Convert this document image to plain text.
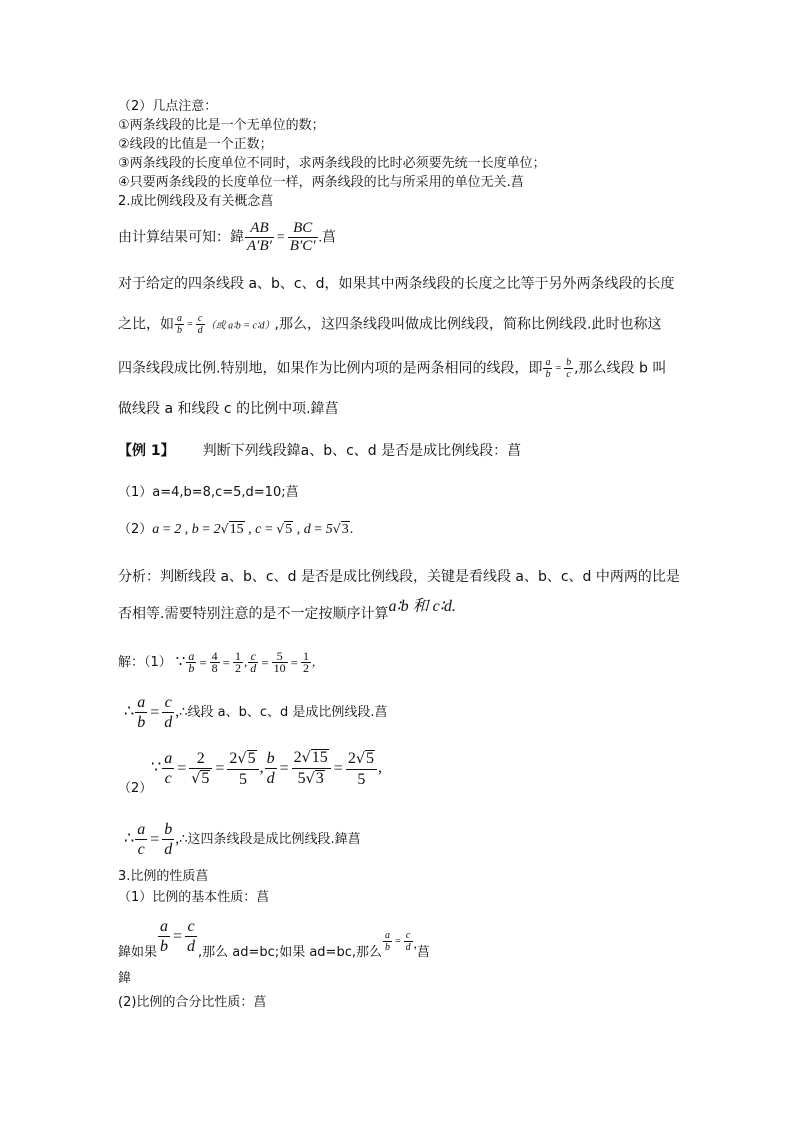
（2）几点注意：
①两条线段的比是一个无单位的数；
②线段的比值是一个正数；
③两条线段的长度单位不同时，求两条线段的比时必须要先统一长度单位；
④只要两条线段的长度单位一样，两条线段的比与所采用的单位无关.菖
2.成比例线段及有关概念菖
由计算结果可知：鍏 $\frac{AB}{A'B'} = \frac{BC}{B'C'}$ .菖
对于给定的四条线段 a、b、c、d，如果其中两条线段的长度之比等于另外两条线段的长度
之比，如 $\frac{a}{b} = \frac{c}{d}$ （或 a∶b = c∶d）,那么，这四条线段叫做成比例线段，简称比例线段.此时也称这
四条线段成比例.特别地，如果作为比例内项的是两条相同的线段，即 $\frac{a}{b} = \frac{b}{c}$ ,那么线段 b 叫
做线段 a 和线段 c 的比例中项.鍏菖
【例 1】 判断下列线段鍏a、b、c、d 是否是成比例线段：菖
（1）a=4,b=8,c=5,d=10;菖
（2）a = 2 , b = 2√15 , c = √5 , d = 5√3.
分析：判断线段 a、b、c、d 是否是成比例线段，关键是看线段 a、b、c、d 中两两的比是
否相等.需要特别注意的是不一定按顺序计算a∶b 和 c∶d.
解：（1） ∵ $\frac{a}{b} = \frac{4}{8} = \frac{1}{2}$ , $\frac{c}{d} = \frac{5}{10} = \frac{1}{2}$ ,
∴ $\frac{a}{b} = \frac{c}{d}$ ,∴线段 a、b、c、d 是成比例线段.菖
∵ $\frac{a}{c} = \frac{2}{√5} = \frac{2√5}{5}$ , $\frac{b}{d} = \frac{2√15}{5√3} = \frac{2√5}{5}$ ,
（2）
∴ $\frac{a}{c} = \frac{b}{d}$ ,∴这四条线段是成比例线段.鍏菖
3.比例的性质菖
（1）比例的基本性质：菖
鍏如果 $\frac{a}{b} = \frac{c}{d}$ ,那么 ad=bc;如果 ad=bc,那么 $\frac{a}{b} _= \frac{c}{d}$ ,菖
鍏
(2)比例的合分比性质：菖
